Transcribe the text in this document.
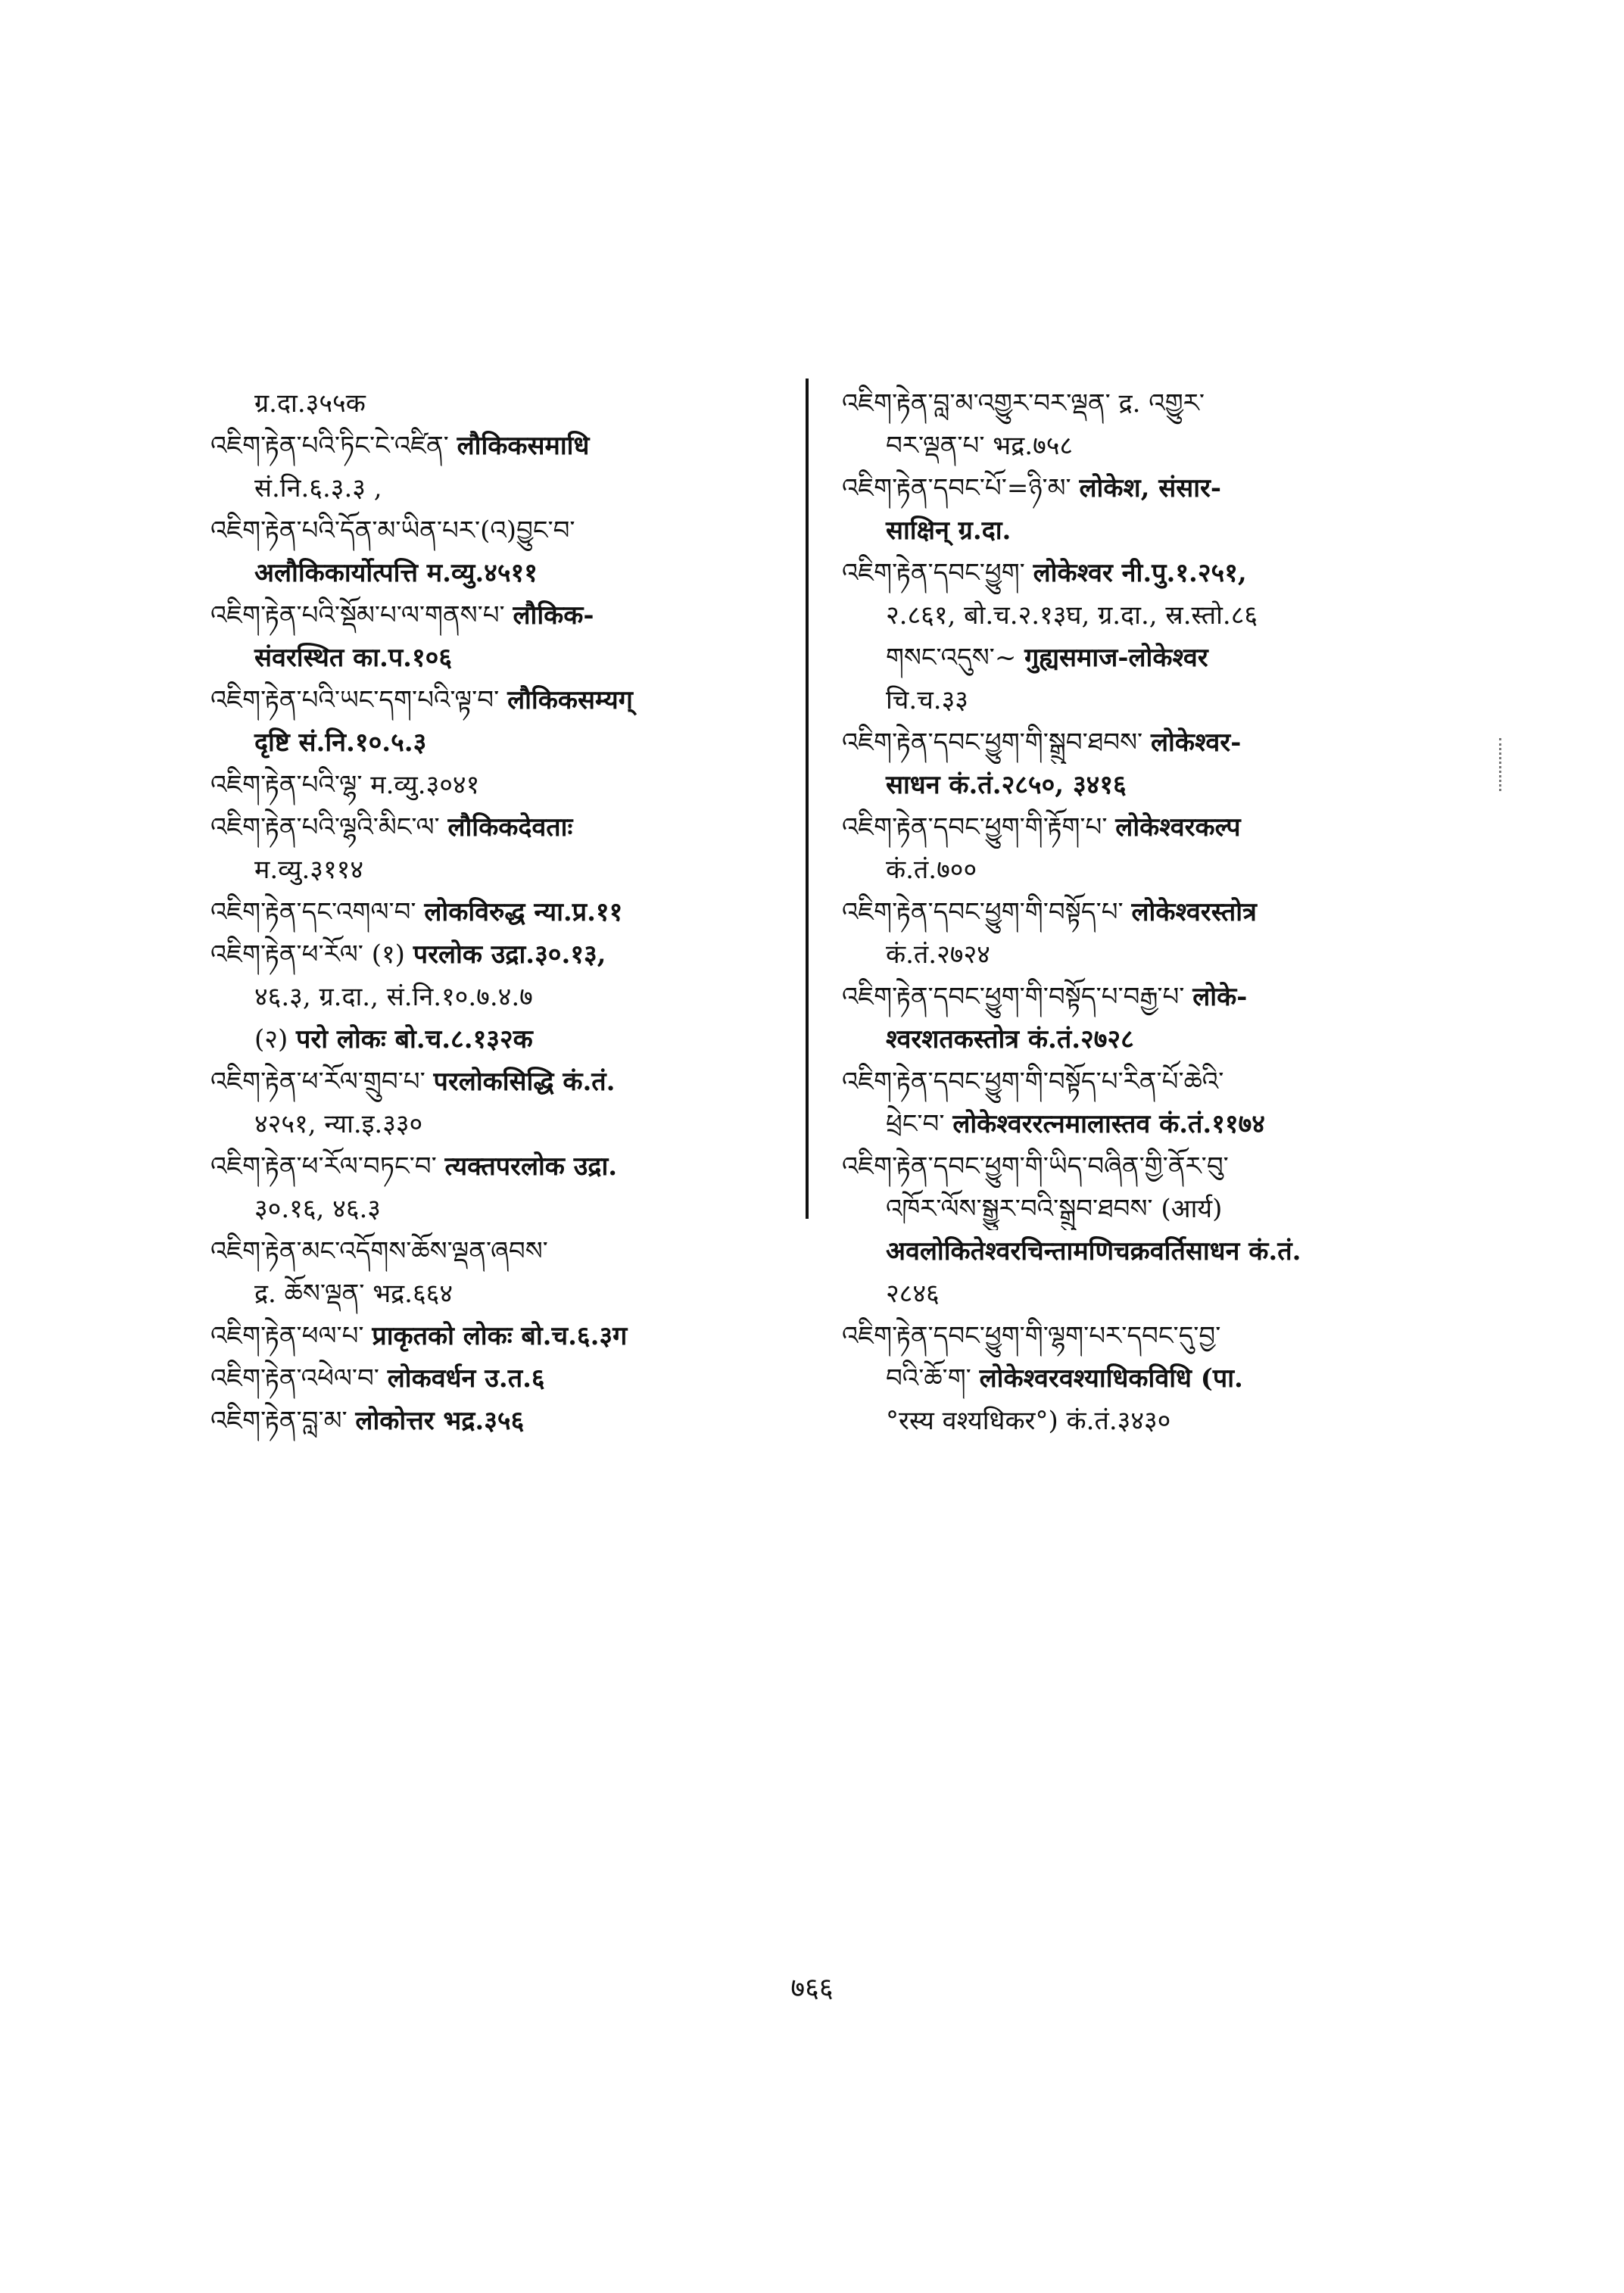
ग्र.दा.३५५क
འཇིག་རྟེན་པའི་ཏིང་ངེ་འཛིན་ लौकिकसमाधि
सं.नि.६.३.३ ,
འཇིག་རྟེན་པའི་དོན་མ་ཡིན་པར་(འ)བྱུང་བ་
अलौकिकार्योत्पत्ति म.व्यु.४५११
འཇིག་རྟེན་པའི་སྡོམ་པ་ལ་གནས་པ་ लौकिक-
संवरस्थित का.प.१०६
འཇིག་རྟེན་པའི་ཡང་དག་པའི་ལྟ་བ་ लौकिकसम्यग्
दृष्टि सं.नि.१०.५.३
འཇིག་རྟེན་པའི་ལྷ་ म.व्यु.३०४१
འཇིག་རྟེན་པའི་ལྷའི་མིང་ལ་ लौकिकदेवताः
म.व्यु.३११४
འཇིག་རྟེན་དང་འགལ་བ་ लोकविरुद्ध न्या.प्र.११
འཇིག་རྟེན་ཕ་རོལ་ (१) परलोक उद्रा.३०.१३,
४६.३, ग्र.दा., सं.नि.१०.७.४.७
(२) परो लोकः बो.च.८.१३२क
འཇིག་རྟེན་ཕ་རོལ་གྲུབ་པ་ परलोकसिद्धि कं.तं.
४२५१, न्या.इ.३३०
འཇིག་རྟེན་ཕ་རོལ་བཏང་བ་ त्यक्तपरलोक उद्रा.
३०.१६, ४६.३
འཇིག་རྟེན་མང་འདོགས་ཆོས་ལྡན་ཞབས་
द्र. ཆོས་ལྡན་ भद्र.६६४
འཇིག་རྟེན་ཕལ་པ་ प्राकृतको लोकः बो.च.६.३ग
འཇིག་རྟེན་འཕེལ་བ་ लोकवर्धन उ.त.६
འཇིག་རྟེན་བླ་མ་ लोकोत्तर भद्र.३५६
འཇིག་རྟེན་བླ་མ་འགྱུར་བར་ལྡན་ द्र. འགྱུར་
བར་ལྡན་པ་ भद्र.७५८
འཇིག་རྟེན་དབང་པོ་=ཉི་མ་ लोकेश, संसार-
साक्षिन् ग्र.दा.
འཇིག་རྟེན་དབང་ཕྱུག་ लोकेश्वर नी.पु.१.२५१,
२.८६१, बो.च.२.१३घ, ग्र.दा., स्र.स्तो.८६
གསང་འདུས་~ गुह्यसमाज-लोकेश्वर
चि.च.३३
འཇིག་རྟེན་དབང་ཕྱུག་གི་སྒྲུབ་ཐབས་ लोकेश्वर-
साधन कं.तं.२८५०, ३४१६
འཇིག་རྟེན་དབང་ཕྱུག་གི་རྟོག་པ་ लोकेश्वरकल्प
कं.तं.७००
འཇིག་རྟེན་དབང་ཕྱུག་གི་བསྟོད་པ་ लोकेश्वरस्तोत्र
कं.तं.२७२४
འཇིག་རྟེན་དབང་ཕྱུག་གི་བསྟོད་པ་བརྒྱ་པ་ लोके-
श्वरशतकस्तोत्र कं.तं.२७२८
འཇིག་རྟེན་དབང་ཕྱུག་གི་བསྟོད་པ་རིན་པོ་ཆེའི་
ཕྲེང་བ་ लोकेश्वररत्नमालास्तव कं.तं.११७४
འཇིག་རྟེན་དབང་ཕྱུག་གི་ཡིད་བཞིན་གྱི་ནོར་བུ་
འཁོར་ལོས་སྒྱུར་བའི་སྒྲུབ་ཐབས་ (आर्य)
अवलोकितेश्वरचिन्तामणिचक्रवर्तिसाधन कं.तं.
२८४६
འཇིག་རྟེན་དབང་ཕྱུག་གི་ལྷག་པར་དབང་དུ་བྱ་
བའི་ཆོ་ག་ लोकेश्वरवश्याधिकविधि (पा.
°रस्य वश्यधिकर°) कं.तं.३४३०
७६६
